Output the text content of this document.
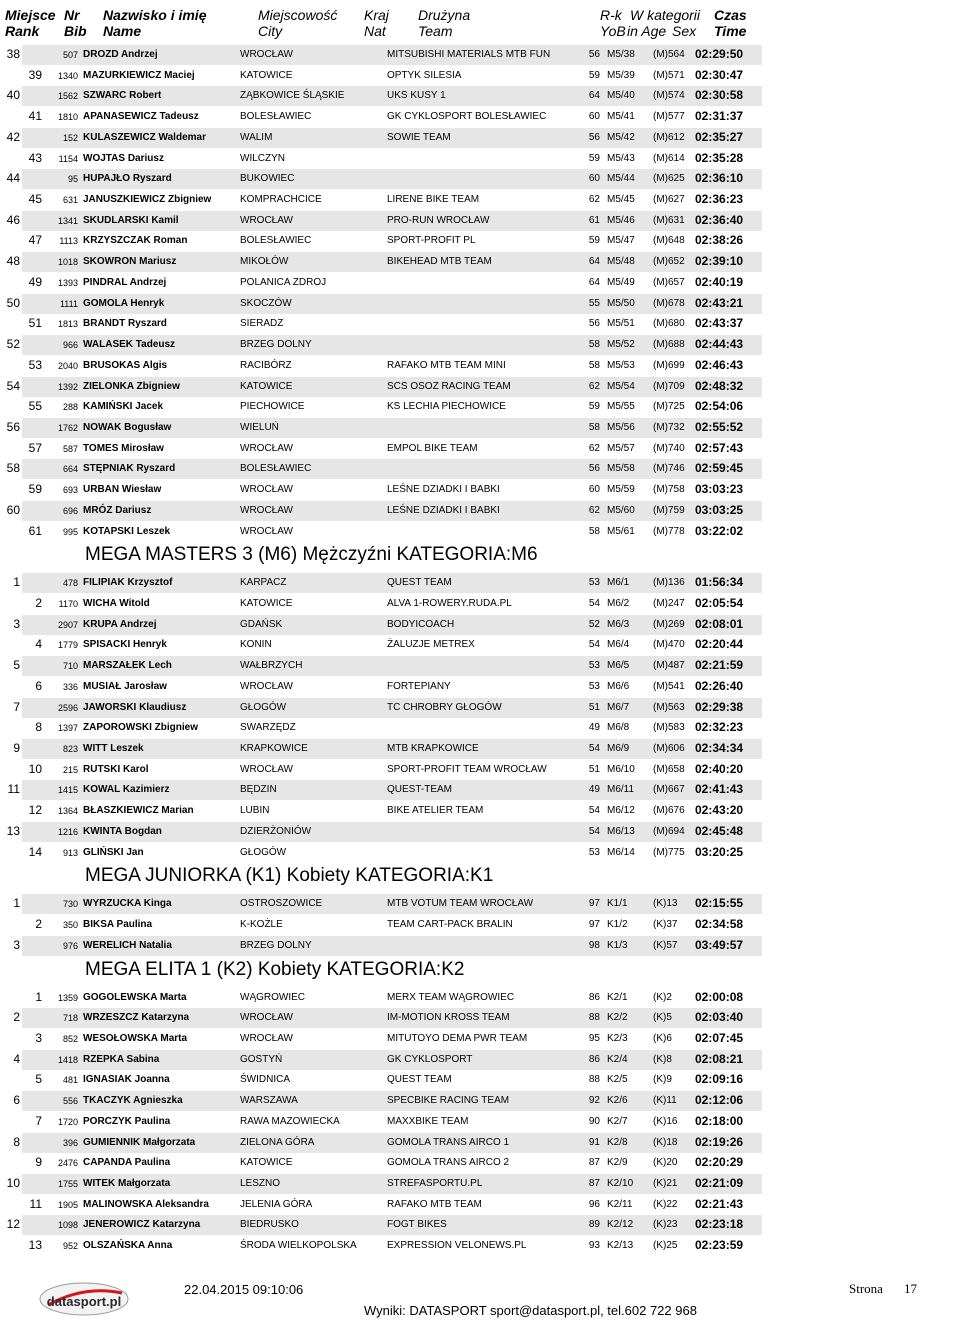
Miejsce
Rank
Nr
Bib
Nazwisko i imię
Name
Miejscowość
City
Kraj
Nat
Drużyna
Team
R-k
YoB
W kategorii
in Age Sex
Czas
Time
38	507 DROZD Andrzej	WROCŁAW	MITSUBISHI MATERIALS MTB FUN	56 M5/38 (M)564 02:29:50
39	1340 MAZURKIEWICZ Maciej	KATOWICE	OPTYK SILESIA	59 M5/39 (M)571 02:30:47
40	1562 SZWARC Robert	ZĄBKOWICE ŚLĄSKIE	UKS KUSY 1	64 M5/40 (M)574 02:30:58
41	1810 APANASEWICZ Tadeusz	BOLESŁAWIEC	GK CYKLOSPORT BOLESŁAWIEC	60 M5/41 (M)577 02:31:37
42	152 KULASZEWICZ Waldemar	WALIM	SOWIE TEAM	56 M5/42 (M)612 02:35:27
43	1154 WOJTAS Dariusz	WILCZYN	59 M5/43 (M)614 02:35:28
44	95 HUPAJŁO Ryszard	BUKOWIEC	60 M5/44 (M)625 02:36:10
45	631 JANUSZKIEWICZ Zbigniew	KOMPRACHCICE	LIRENE BIKE TEAM	62 M5/45 (M)627 02:36:23
46	1341 SKUDLARSKI Kamil	WROCŁAW	PRO-RUN WROCŁAW	61 M5/46 (M)631 02:36:40
47	1113 KRZYSZCZAK Roman	BOLESŁAWIEC	SPORT-PROFIT PL	59 M5/47 (M)648 02:38:26
48	1018 SKOWRON Mariusz	MIKOŁÓW	BIKEHEAD MTB TEAM	64 M5/48 (M)652 02:39:10
49	1393 PINDRAL Andrzej	POLANICA ZDROJ	64 M5/49 (M)657 02:40:19
50	1111 GOMOLA Henryk	SKOCZÓW	55 M5/50 (M)678 02:43:21
51	1813 BRANDT Ryszard	SIERADZ	56 M5/51 (M)680 02:43:37
52	966 WALASEK Tadeusz	BRZEG DOLNY	58 M5/52 (M)688 02:44:43
53	2040 BRUSOKAS Algis	RACIBÓRZ	RAFAKO MTB TEAM MINI	58 M5/53 (M)699 02:46:43
54	1392 ZIELONKA Zbigniew	KATOWICE	SCS OSOZ RACING TEAM	62 M5/54 (M)709 02:48:32
55	288 KAMIŃSKI Jacek	PIECHOWICE	KS LECHIA PIECHOWICE	59 M5/55 (M)725 02:54:06
56	1762 NOWAK Bogusław	WIELUŃ	58 M5/56 (M)732 02:55:52
57	587 TOMES Mirosław	WROCŁAW	EMPOL BIKE TEAM	62 M5/57 (M)740 02:57:43
58	664 STĘPNIAK Ryszard	BOLESŁAWIEC	56 M5/58 (M)746 02:59:45
59	693 URBAN Wiesław	WROCŁAW	LEŚNE DZIADKI I BABKI	60 M5/59 (M)758 03:03:23
60	696 MRÓZ Dariusz	WROCŁAW	LEŚNE DZIADKI I BABKI	62 M5/60 (M)759 03:03:25
61	995 KOTAPSKI Leszek	WROCŁAW	58 M5/61 (M)778 03:22:02
MEGA MASTERS 3 (M6) Mężczyźni KATEGORIA:M6
1	478 FILIPIAK Krzysztof	KARPACZ	QUEST TEAM	53 M6/1 (M)136 01:56:34
2	1170 WICHA Witold	KATOWICE	ALVA 1-ROWERY.RUDA.PL	54 M6/2 (M)247 02:05:54
3	2907 KRUPA Andrzej	GDAŃSK	BODYICOACH	52 M6/3 (M)269 02:08:01
4	1779 SPISACKI Henryk	KONIN	ŻALUZJE METREX	54 M6/4 (M)470 02:20:44
5	710 MARSZAŁEK Lech	WAŁBRZYCH	53 M6/5 (M)487 02:21:59
6	336 MUSIAŁ Jarosław	WROCŁAW	FORTEPIANY	53 M6/6 (M)541 02:26:40
7	2596 JAWORSKI Klaudiusz	GŁOGÓW	TC CHROBRY GŁOGÓW	51 M6/7 (M)563 02:29:38
8	1397 ZAPOROWSKI Zbigniew	SWARZĘDZ	49 M6/8 (M)583 02:32:23
9	823 WITT Leszek	KRAPKOWICE	MTB KRAPKOWICE	54 M6/9 (M)606 02:34:34
10	215 RUTSKI Karol	WROCŁAW	SPORT-PROFIT TEAM WROCŁAW	51 M6/10 (M)658 02:40:20
11	1415 KOWAL Kazimierz	BĘDZIN	QUEST-TEAM	49 M6/11 (M)667 02:41:43
12	1364 BŁASZKIEWICZ Marian	LUBIN	BIKE ATELIER TEAM	54 M6/12 (M)676 02:43:20
13	1216 KWINTA Bogdan	DZIERŻONIÓW	54 M6/13 (M)694 02:45:48
14	913 GLIŃSKI Jan	GŁOGÓW	53 M6/14 (M)775 03:20:25
MEGA JUNIORKA (K1) Kobiety KATEGORIA:K1
1	730 WYRZUCKA Kinga	OSTROSZOWICE	MTB VOTUM TEAM WROCŁAW	97 K1/1	(K)13 02:15:55
2	350 BIKSA Paulina	K-KOŻLE	TEAM CART-PACK BRALIN	97 K1/2	(K)37 02:34:58
3	976 WERELICH Natalia	BRZEG DOLNY	98 K1/3	(K)57 03:49:57
MEGA ELITA 1 (K2) Kobiety KATEGORIA:K2
1	1359 GOGOLEWSKA Marta	WĄGROWIEC	MERX TEAM WĄGROWIEC	86 K2/1	(K)2 02:00:08
2	718 WRZESZCZ Katarzyna	WROCŁAW	IM-MOTION KROSS TEAM	88 K2/2	(K)5 02:03:40
3	852 WESOŁOWSKA Marta	WROCŁAW	MITUTOYO DEMA PWR TEAM	95 K2/3	(K)6 02:07:45
4	1418 RZEPKA Sabina	GOSTYŃ	GK CYKLOSPORT	86 K2/4	(K)8 02:08:21
5	481 IGNASIAK Joanna	ŚWIDNICA	QUEST TEAM	88 K2/5	(K)9 02:09:16
6	556 TKACZYK Agnieszka	WARSZAWA	SPECBIKE RACING TEAM	92 K2/6	(K)11 02:12:06
7	1720 PORCZYK Paulina	RAWA MAZOWIECKA	MAXXBIKE TEAM	90 K2/7	(K)16 02:18:00
8	396 GUMIENNIK Małgorzata	ZIELONA GÓRA	GOMOLA TRANS AIRCO 1	91 K2/8	(K)18 02:19:26
9	2476 CAPANDA Paulina	KATOWICE	GOMOLA TRANS AIRCO 2	87 K2/9	(K)20 02:20:29
10	1755 WITEK Małgorzata	LESZNO	STREFASPORTU.PL	87 K2/10 (K)21 02:21:09
11	1905 MALINOWSKA Aleksandra	JELENIA GÓRA	RAFAKO MTB TEAM	96 K2/11 (K)22 02:21:43
12	1098 JENEROWICZ Katarzyna	BIEDRUSKO	FOGT BIKES	89 K2/12 (K)23 02:23:18
13	952 OLSZAŃSKA Anna	ŚRODA WIELKOPOLSKA	EXPRESSION VELONEWS.PL	93 K2/13 (K)25 02:23:59
22.04.2015 09:10:06
Wyniki: DATASPORT sport@datasport.pl, tel.602 722 968
Strona 17
datasport.pl
